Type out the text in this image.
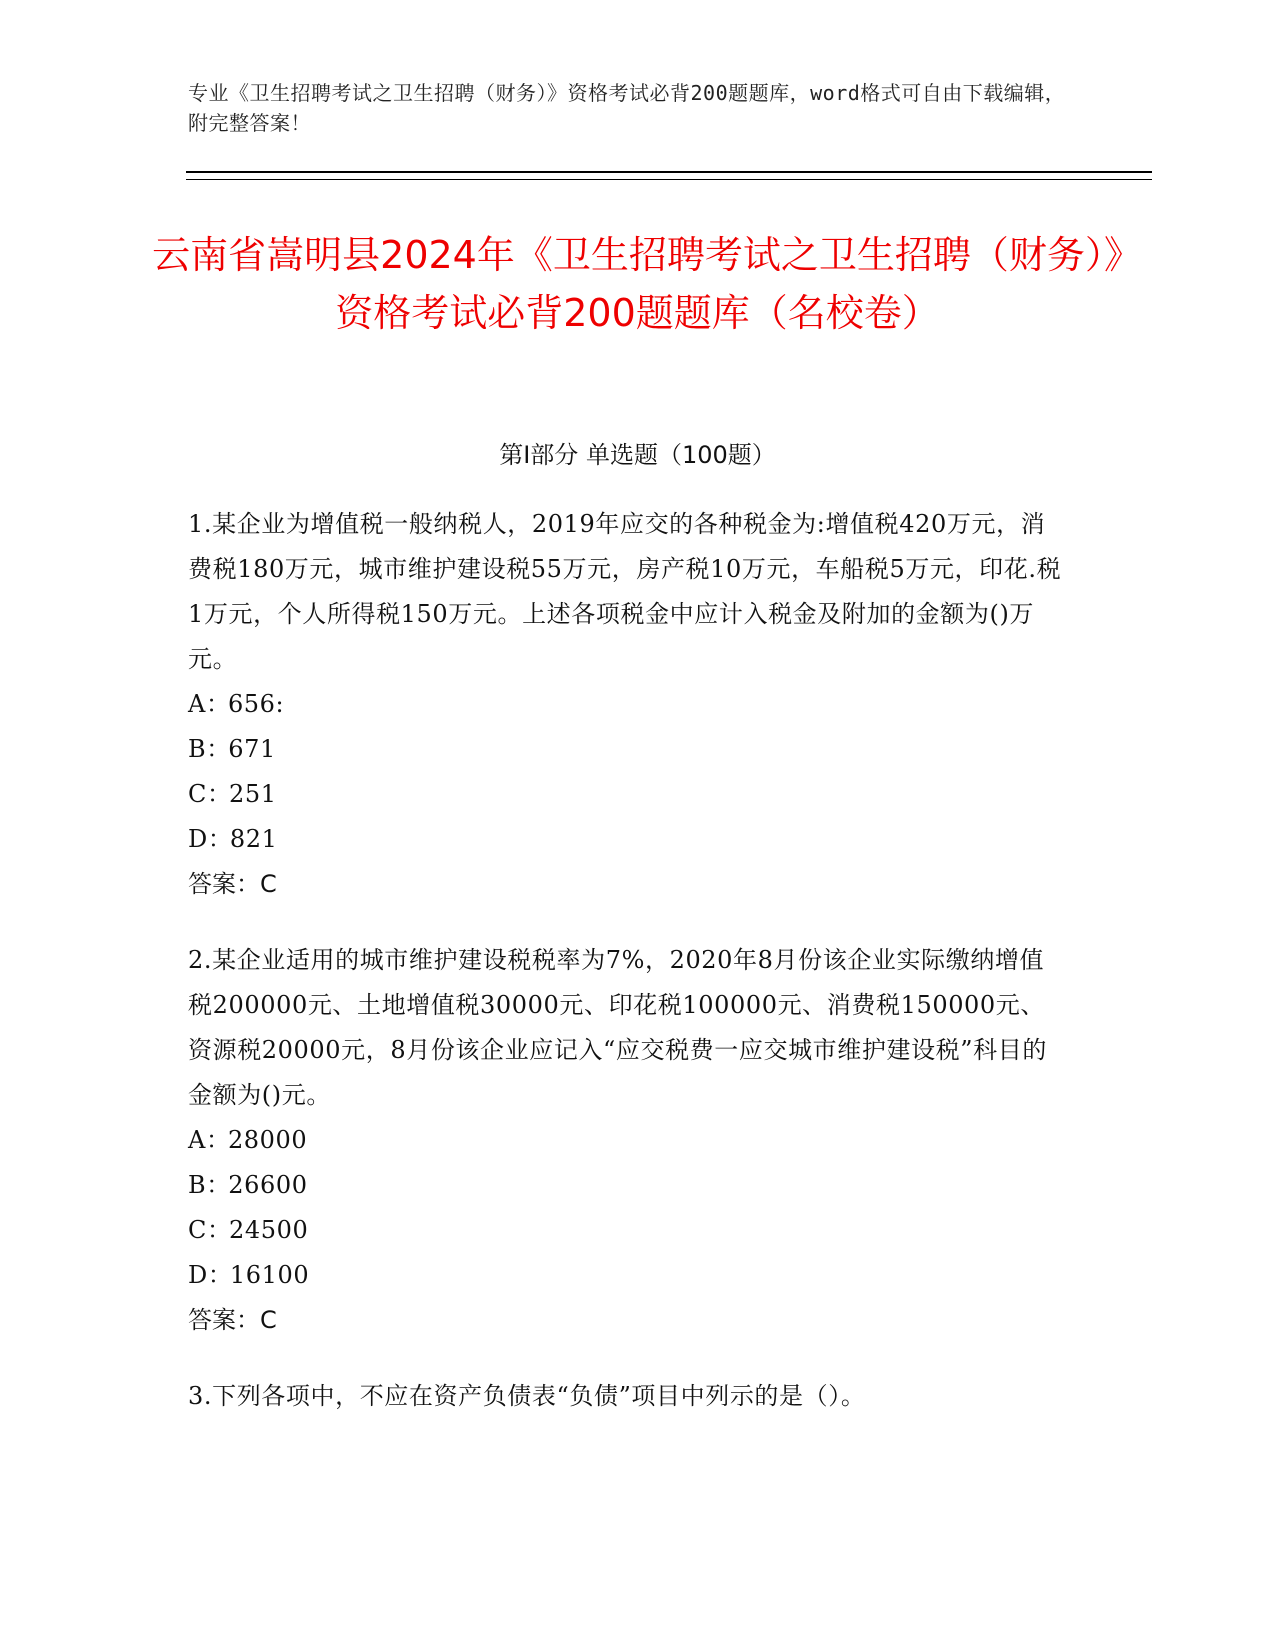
专业《卫生招聘考试之卫生招聘（财务）》资格考试必背200题题库，word格式可自由下载编辑，附完整答案！
云南省嵩明县2024年《卫生招聘考试之卫生招聘（财务）》资格考试必背200题题库（名校卷）
第Ⅰ部分 单选题（100题）

1.某企业为增值税一般纳税人，2019年应交的各种税金为:增值税420万元，消费税180万元，城市维护建设税55万元，房产税10万元，车船税5万元，印花.税1万元，个人所得税150万元。上述各项税金中应计入税金及附加的金额为()万元。

A ：
656:
B ：
671
C ：
251
D ：
821

答案：C

2.某企业适用的城市维护建设税税率为7%，2020年8月份该企业实际缴纳增值税200000元、土地增值税30000元、印花税100000元、消费税150000元、资源税20000元，8月份该企业应记入“应交税费一应交城市维护建设税”科目的金额为()元。

A ：
28000
B ：
26600
C ：
24500
D ：
16100

答案：C

3.下列各项中，不应在资产负债表“负债”项目中列示的是（）。
